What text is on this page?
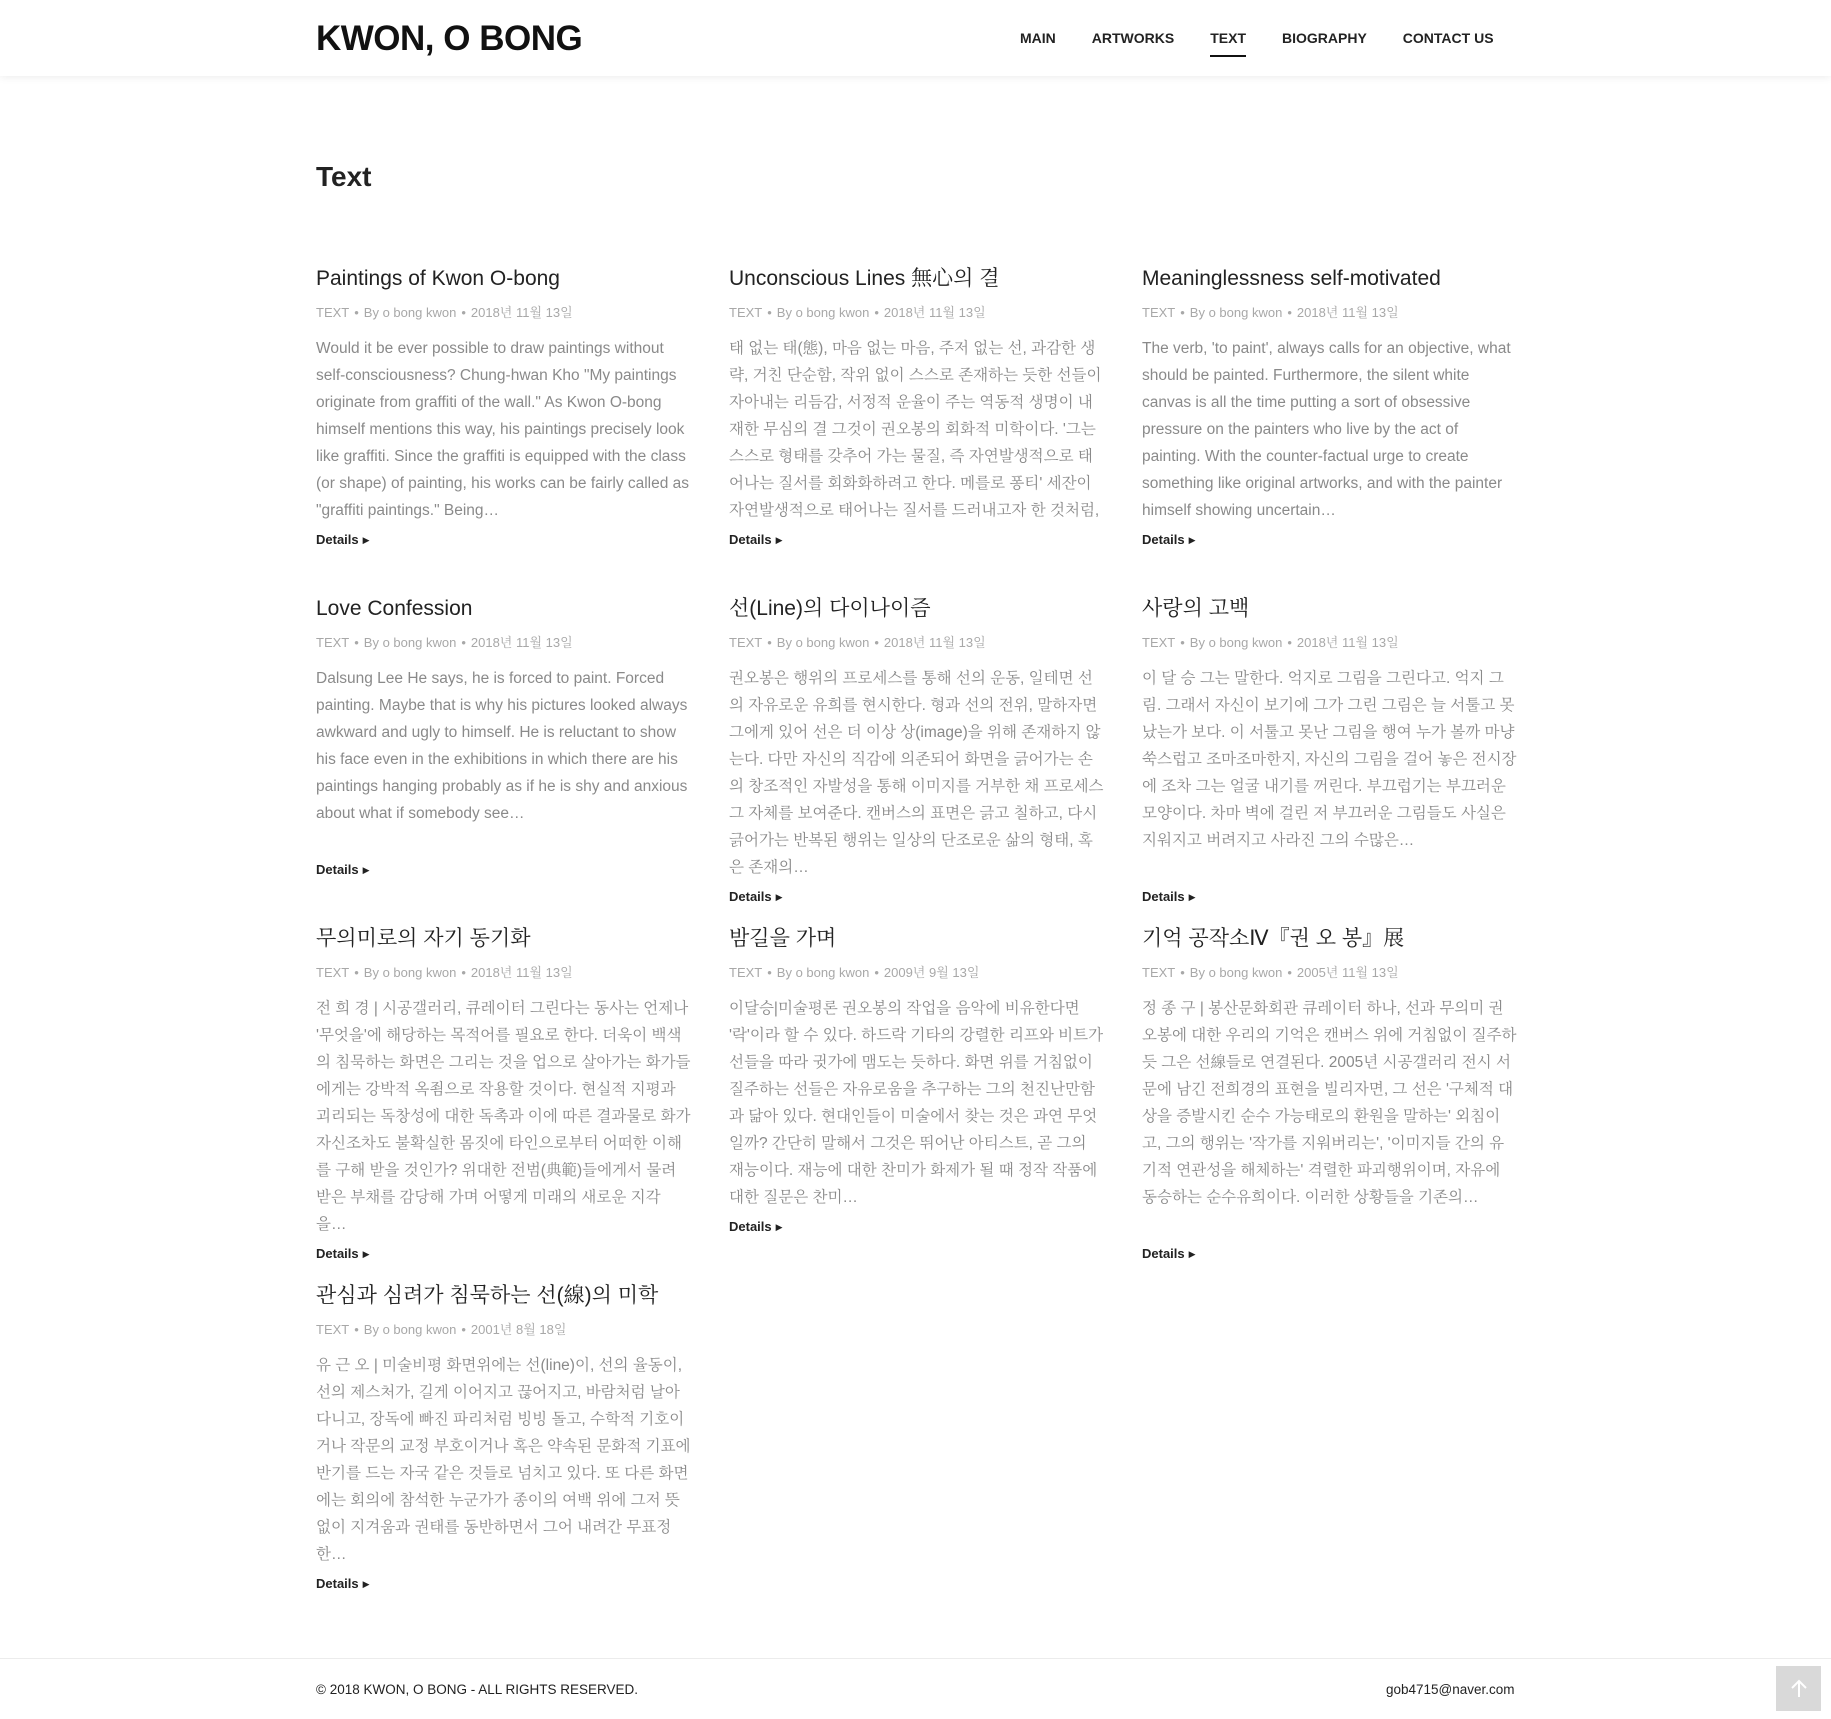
KWON, O BONG	MAIN	ARTWORKS	TEXT	BIOGRAPHY	CONTACT US
Text
Paintings of Kwon O-bong
TEXT • By o bong kwon • 2018년 11월 13일

Would it be ever possible to draw paintings without self-consciousness? Chung-hwan Kho "My paintings originate from graffiti of the wall." As Kwon O-bong himself mentions this way, his paintings precisely look like graffiti. Since the graffiti is equipped with the class (or shape) of painting, his works can be fairly called as "graffiti paintings." Being…

Details ▶
Unconscious Lines 無心의 결
TEXT • By o bong kwon • 2018년 11월 13일

태 없는 태(態), 마음 없는 마음, 주저 없는 선, 과감한 생략, 거친 단순함, 작위 없이 스스로 존재하는 듯한 선들이 자아내는 리듬감, 서정적 운율이 주는 역동적 생명이 내재한 무심의 결 그것이 권오봉의 회화적 미학이다. '그는 스스로 형태를 갖추어 가는 물질, 즉 자연발생적으로 태어나는 질서를 회화화하려고 한다. 메를로 퐁티' 세잔이 자연발생적으로 태어나는 질서를 드러내고자 한 것처럼,

Details ▶
Meaninglessness self-motivated
TEXT • By o bong kwon • 2018년 11월 13일

The verb, 'to paint', always calls for an objective, what should be painted. Furthermore, the silent white canvas is all the time putting a sort of obsessive pressure on the painters who live by the act of painting. With the counter-factual urge to create something like original artworks, and with the painter himself showing uncertain…

Details ▶
Love Confession
TEXT • By o bong kwon • 2018년 11월 13일

Dalsung Lee He says, he is forced to paint. Forced painting. Maybe that is why his pictures looked always awkward and ugly to himself. He is reluctant to show his face even in the exhibitions in which there are his paintings hanging probably as if he is shy and anxious about what if somebody see…

Details ▶
선(Line)의 다이나이즘
TEXT • By o bong kwon • 2018년 11월 13일

권오봉은 행위의 프로세스를 통해 선의 운동, 일테면 선의 자유로운 유희를 현시한다. 형과 선의 전위, 말하자면 그에게 있어 선은 더 이상 상(image)을 위해 존재하지 않는다. 다만 자신의 직감에 의존되어 화면을 긁어가는 손의 창조적인 자발성을 통해 이미지를 거부한 채 프로세스 그 자체를 보여준다. 캔버스의 표면은 긁고 칠하고, 다시 긁어가는 반복된 행위는 일상의 단조로운 삶의 형태, 혹은 존재의…

Details ▶
사랑의 고백
TEXT • By o bong kwon • 2018년 11월 13일

이 달 승 그는 말한다. 억지로 그림을 그린다고. 억지 그림. 그래서 자신이 보기에 그가 그린 그림은 늘 서툴고 못났는가 보다. 이 서툴고 못난 그림을 행여 누가 볼까 마냥 쑥스럽고 조마조마한지, 자신의 그림을 걸어 놓은 전시장에 조차 그는 얼굴 내기를 꺼린다. 부끄럽기는 부끄러운 모양이다. 차마 벽에 걸린 저 부끄러운 그림들도 사실은 지워지고 버려지고 사라진 그의 수많은…

Details ▶
무의미로의 자기 동기화
TEXT • By o bong kwon • 2018년 11월 13일

전 희 경 | 시공갤러리, 큐레이터 그린다는 동사는 언제나 '무엇을'에 해당하는 목적어를 필요로 한다. 더욱이 백색의 침묵하는 화면은 그리는 것을 업으로 살아가는 화가들에게는 강박적 옥죔으로 작용할 것이다. 현실적 지평과 괴리되는 독창성에 대한 독촉과 이에 따른 결과물로 화가 자신조차도 불확실한 몸짓에 타인으로부터 어떠한 이해를 구해 받을 것인가? 위대한 전범(典範)들에게서 물려받은 부채를 감당해 가며 어떻게 미래의 새로운 지각을…

Details ▶
밤길을 가며
TEXT • By o bong kwon • 2009년 9월 13일

이달승|미술평론 권오봉의 작업을 음악에 비유한다면 '락'이라 할 수 있다. 하드락 기타의 강렬한 리프와 비트가 선들을 따라 귓가에 맴도는 듯하다. 화면 위를 거침없이 질주하는 선들은 자유로움을 추구하는 그의 천진난만함과 닮아 있다. 현대인들이 미술에서 찾는 것은 과연 무엇일까? 간단히 말해서 그것은 뛰어난 아티스트, 곧 그의 재능이다. 재능에 대한 찬미가 화제가 될 때 정작 작품에 대한 질문은 찬미…

Details ▶
기억 공작소Ⅳ『권 오 봉』展
TEXT • By o bong kwon • 2005년 11월 13일

정 종 구 | 봉산문화회관 큐레이터 하나, 선과 무의미 권오봉에 대한 우리의 기억은 캔버스 위에 거침없이 질주하듯 그은 선線들로 연결된다. 2005년 시공갤러리 전시 서문에 남긴 전희경의 표현을 빌리자면, 그 선은 '구체적 대상을 증발시킨 순수 가능태로의 환원을 말하는' 외침이고, 그의 행위는 '작가를 지워버리는', '이미지들 간의 유기적 연관성을 해체하는' 격렬한 파괴행위이며, 자유에 동승하는 순수유희이다. 이러한 상황들을 기존의…

Details ▶
관심과 심려가 침묵하는 선(線)의 미학
TEXT • By o bong kwon • 2001년 8월 18일

유 근 오 | 미술비평 화면위에는 선(line)이, 선의 율동이, 선의 제스처가, 길게 이어지고 끊어지고, 바람처럼 날아다니고, 장독에 빠진 파리처럼 빙빙 돌고, 수학적 기호이거나 작문의 교정 부호이거나 혹은 약속된 문화적 기표에 반기를 드는 자국 같은 것들로 넘치고 있다. 또 다른 화면에는 회의에 참석한 누군가가 종이의 여백 위에 그저 뜻 없이 지겨움과 권태를 동반하면서 그어 내려간 무표정한…

Details ▶
© 2018 KWON, O BONG - ALL RIGHTS RESERVED.	gob4715@naver.com
